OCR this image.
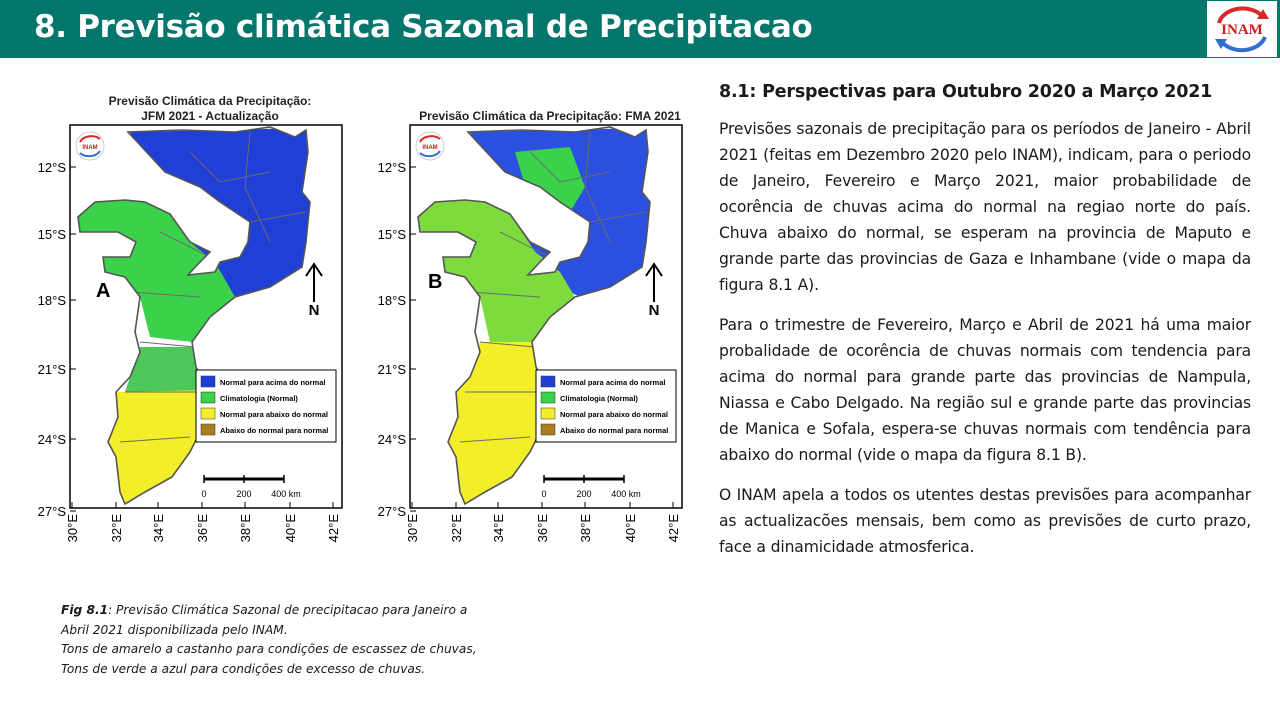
8. Previsão climática Sazonal de Precipitacao	INAM
INAM
A
N
12°S
15°S
18°S
21°S
24°S
27°S
30°E 32°E 34°E 36°E 38°E 40°E 42°E
Normal para acima do normal
Climatologia (Normal)
Normal para abaixo do normal
Abaixo do normal para normal
0	200 400 km
Previsão Climática da Precipitação:
JFM 2021 - Actualização
INAM
B
N
12°S
15°S
18°S
21°S
24°S
27°S
30°E 32°E 34°E 36°E 38°E 40°E 42°E
Normal para acima do normal
Climatologia (Normal)
Normal para abaixo do normal
Abaixo do normal para normal
0	200 400 km
Previsão Climática da Precipitação: FMA 2021
Fig 8.1: Previsão Climática Sazonal de precipitacao para Janeiro a
Abril 2021 disponibilizada pelo INAM.
Tons de amarelo a castanho para condições de escassez de chuvas,
Tons de verde a azul para condições de excesso de chuvas.
8.1: Perspectivas para Outubro 2020 a Março 2021

Previsões sazonais de precipitação para os períodos de Janeiro - Abril 2021 (feitas em Dezembro 2020 pelo INAM), indicam, para o periodo de Janeiro, Fevereiro e Março 2021, maior probabilidade de ocorência de chuvas acima do normal na regiao norte do país. Chuva abaixo do normal, se esperam na provincia de Maputo e grande parte das provincias de Gaza e Inhambane (vide o mapa da figura 8.1 A).

Para o trimestre de Fevereiro, Março e Abril de 2021 há uma maior probalidade de ocorência de chuvas normais com tendencia para acima do normal para grande parte das provincias de Nampula, Niassa e Cabo Delgado. Na região sul e grande parte das provincias de Manica e Sofala, espera-se chuvas normais com tendência para abaixo do normal (vide o mapa da figura 8.1 B).

O INAM apela a todos os utentes destas previsões para acompanhar as actualizacões mensais, bem como as previsões de curto prazo, face a dinamicidade atmosferica.
